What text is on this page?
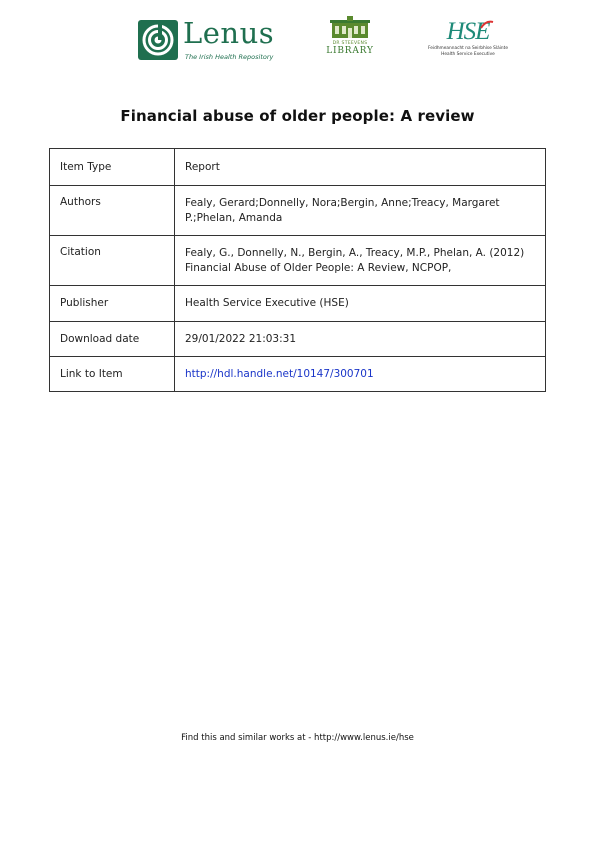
Lenus
The Irish Health Repository
DR STEEVENS
LIBRARY
HSE
Feidhmeannacht na Seirbhíse Sláinte
Health Service Executive
Financial abuse of older people: A review
Item Type	Report
Authors	Fealy, Gerard;Donnelly, Nora;Bergin, Anne;Treacy, Margaret
P.;Phelan, Amanda

Citation	Fealy, G., Donnelly, N., Bergin, A., Treacy, M.P., Phelan, A. (2012)
Financial Abuse of Older People: A Review, NCPOP,

Publisher	Health Service Executive (HSE)
Download date	29/01/2022 21:03:31
Link to Item	http://hdl.handle.net/10147/300701
Find this and similar works at - http://www.lenus.ie/hse
